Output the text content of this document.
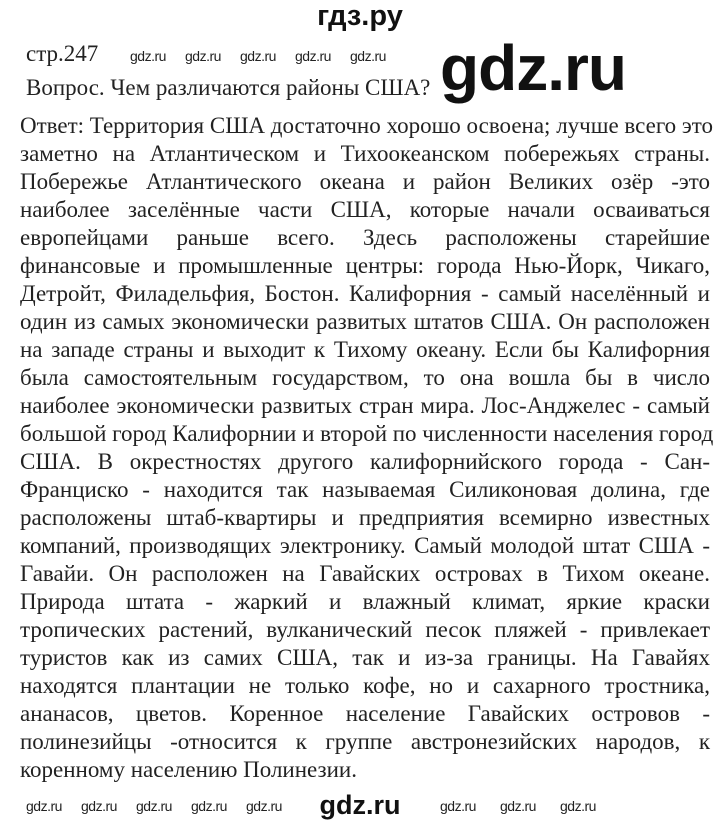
гдз.ру
стр.247
Вопрос. Чем различаются районы США?
Ответ: Территория США достаточно хорошо освоена; лучше всего это
заметно на Атлантическом и Тихоокеанском побережьях страны.
Побережье Атлантического океана и район Великих озёр -это
наиболее заселённые части США, которые начали осваиваться
европейцами раньше всего. Здесь расположены старейшие
финансовые и промышленные центры: города Нью-Йорк, Чикаго,
Детройт, Филадельфия, Бостон. Калифорния - самый населённый и
один из самых экономически развитых штатов США. Он расположен
на западе страны и выходит к Тихому океану. Если бы Калифорния
была самостоятельным государством, то она вошла бы в число
наиболее экономически развитых стран мира. Лос-Анджелес - самый
большой город Калифорнии и второй по численности населения город
США. В окрестностях другого калифорнийского города - Сан-
Франциско - находится так называемая Силиконовая долина, где
расположены штаб-квартиры и предприятия всемирно известных
компаний, производящих электронику. Самый молодой штат США -
Гавайи. Он расположен на Гавайских островах в Тихом океане.
Природа штата - жаркий и влажный климат, яркие краски
тропических растений, вулканический песок пляжей - привлекает
туристов как из самих США, так и из-за границы. На Гавайях
находятся плантации не только кофе, но и сахарного тростника,
ананасов, цветов. Коренное население Гавайских островов -
полинезийцы -относится к группе австронезийских народов, к
коренному населению Полинезии.
gdz.ru
gdz.ru gdz.ru gdz.ru gdz.ru gdz.ru
gdz.ru gdz.ru gdz.ru gdz.ru gdz.ru	gdz.ru gdz.ru gdz.ru
gdz.ru
